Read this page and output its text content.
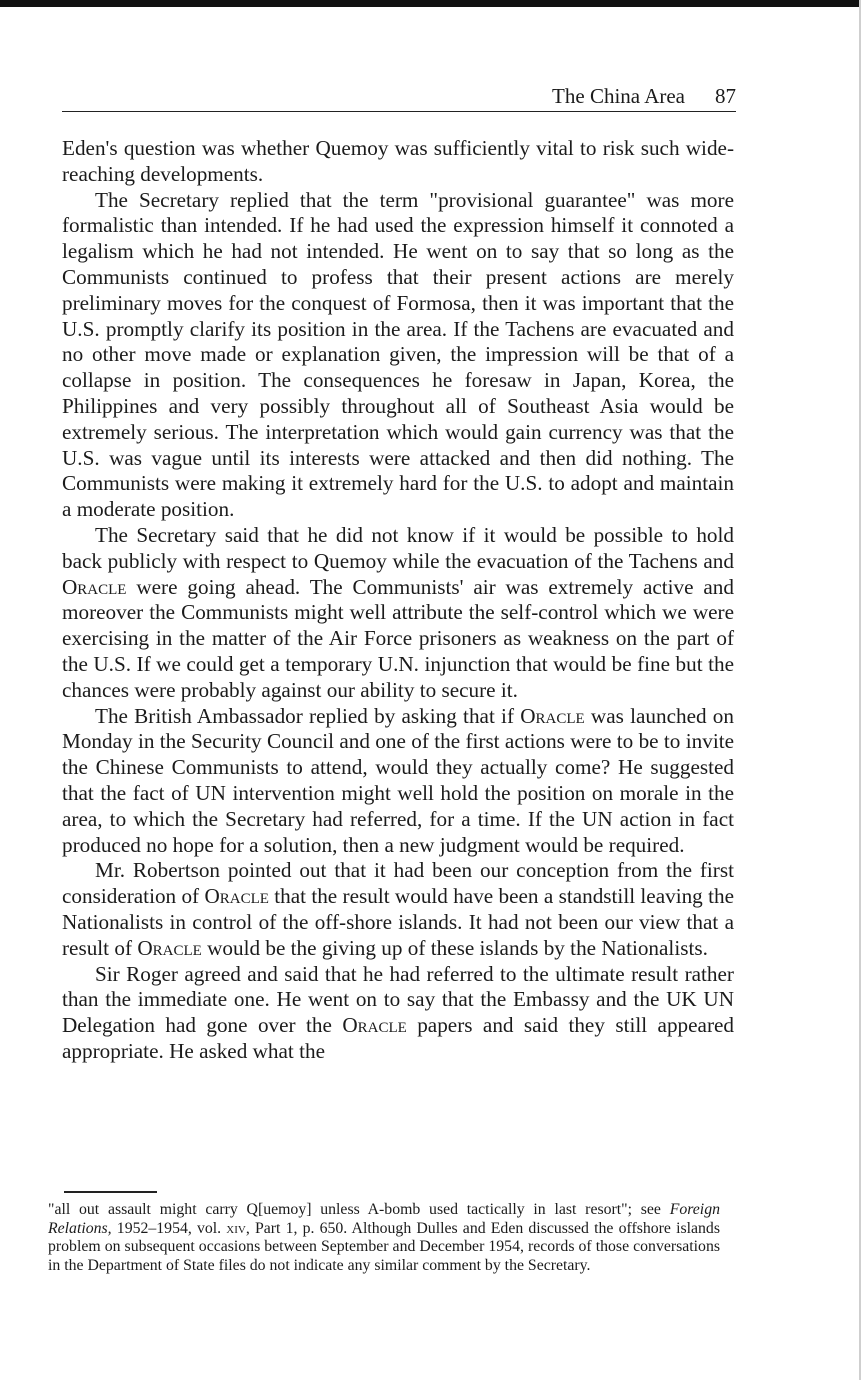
The China Area 87

Eden's question was whether Quemoy was sufficiently vital to risk such wide-reaching developments.

The Secretary replied that the term "provisional guarantee" was more formalistic than intended. If he had used the expression himself it connoted a legalism which he had not intended. He went on to say that so long as the Communists continued to profess that their present actions are merely preliminary moves for the conquest of Formosa, then it was important that the U.S. promptly clarify its position in the area. If the Tachens are evacuated and no other move made or explanation given, the impression will be that of a collapse in position. The consequences he foresaw in Japan, Korea, the Philippines and very possibly throughout all of Southeast Asia would be extremely serious. The interpretation which would gain currency was that the U.S. was vague until its interests were attacked and then did nothing. The Communists were making it extremely hard for the U.S. to adopt and maintain a moderate position.

The Secretary said that he did not know if it would be possible to hold back publicly with respect to Quemoy while the evacuation of the Tachens and Oracle were going ahead. The Communists' air was extremely active and moreover the Communists might well attribute the self-control which we were exercising in the matter of the Air Force prisoners as weakness on the part of the U.S. If we could get a temporary U.N. injunction that would be fine but the chances were probably against our ability to secure it.

The British Ambassador replied by asking that if Oracle was launched on Monday in the Security Council and one of the first actions were to be to invite the Chinese Communists to attend, would they actually come? He suggested that the fact of UN intervention might well hold the position on morale in the area, to which the Secretary had referred, for a time. If the UN action in fact produced no hope for a solution, then a new judgment would be required.

Mr. Robertson pointed out that it had been our conception from the first consideration of Oracle that the result would have been a standstill leaving the Nationalists in control of the off-shore islands. It had not been our view that a result of Oracle would be the giving up of these islands by the Nationalists.

Sir Roger agreed and said that he had referred to the ultimate result rather than the immediate one. He went on to say that the Embassy and the UK UN Delegation had gone over the Oracle papers and said they still appeared appropriate. He asked what the

"all out assault might carry Q[uemoy] unless A-bomb used tactically in last resort"; see Foreign Relations, 1952–1954, vol. xiv, Part 1, p. 650. Although Dulles and Eden discussed the offshore islands problem on subsequent occasions between September and December 1954, records of those conversations in the Department of State files do not indicate any similar comment by the Secretary.
